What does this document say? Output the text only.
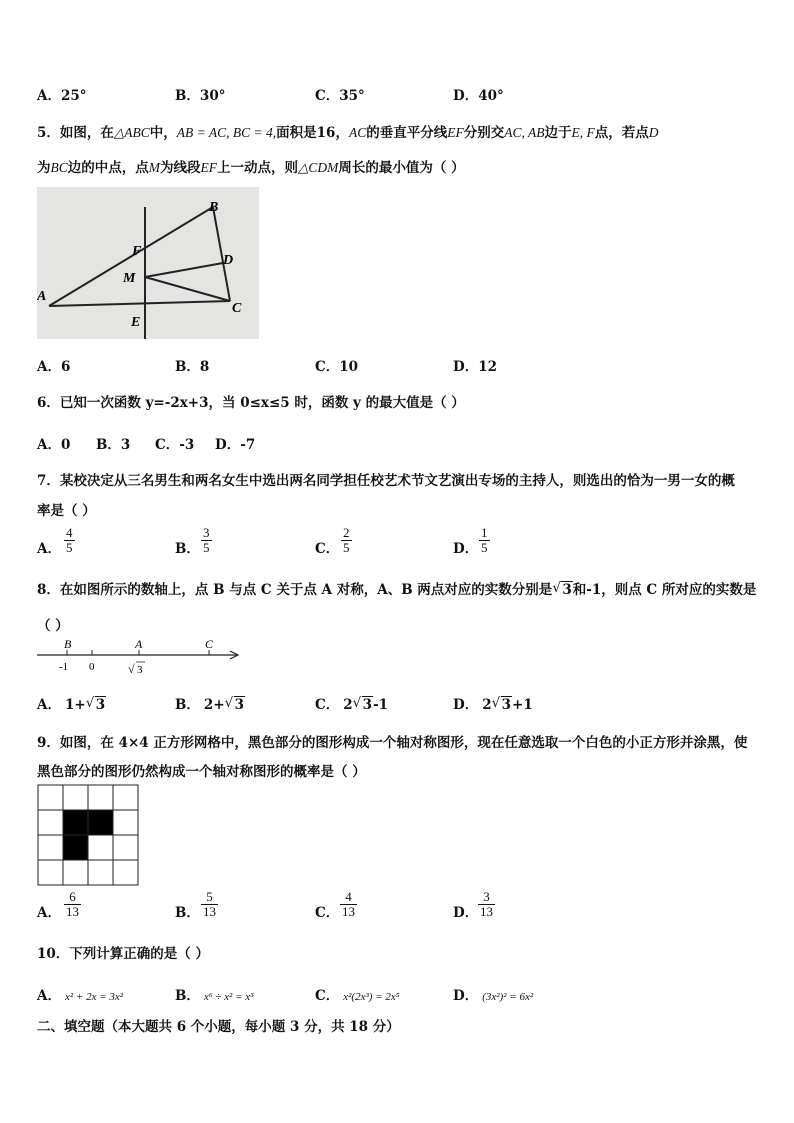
A．25°	B．30°	C．35°	D．40°
5．如图，在△ABC中，AB = AC, BC = 4,面积是16，AC的垂直平分线EF分别交AC, AB边于E, F点，若点D
为BC边的中点，点M为线段EF上一动点，则△CDM周长的最小值为（ ）
A
B
C
D
E
F
M
A．6	B．8	C．10	D．12
6．已知一次函数 y=-2x+3，当 0≤x≤5 时，函数 y 的最大值是（ ）
A．0 B．3 C．-3 D．-7
7．某校决定从三名男生和两名女生中选出两名同学担任校艺术节文艺演出专场的主持人，则选出的恰为一男一女的概
率是（ ）
A．
4
5	B．
3
5	C．
2
5	D．
1
5
8．在如图所示的数轴上，点 B 与点 C 关于点 A 对称，A、B 两点对应的实数分别是 √ 3和-1，则点 C 所对应的实数是
（ ）
B	A	C
-1 0	√ 3
A． 1+ √ 3	B． 2+ √ 3	C． 2 √ 3-1	D． 2 √ 3+1
9．如图，在 4×4 正方形网格中，黑色部分的图形构成一个轴对称图形，现在任意选取一个白色的小正方形并涂黑，使
黑色部分的图形仍然构成一个轴对称图形的概率是（ ）
A．
6
13	B．
5
13	C．
4
13	D．
3
13
10．下列计算正确的是（ ）
A． x² + 2x = 3x²	B． x⁶ ÷ x² = x³	C． x²(2x³) = 2x⁵	D． (3x²)² = 6x²
二、填空题（本大题共 6 个小题，每小题 3 分，共 18 分）
